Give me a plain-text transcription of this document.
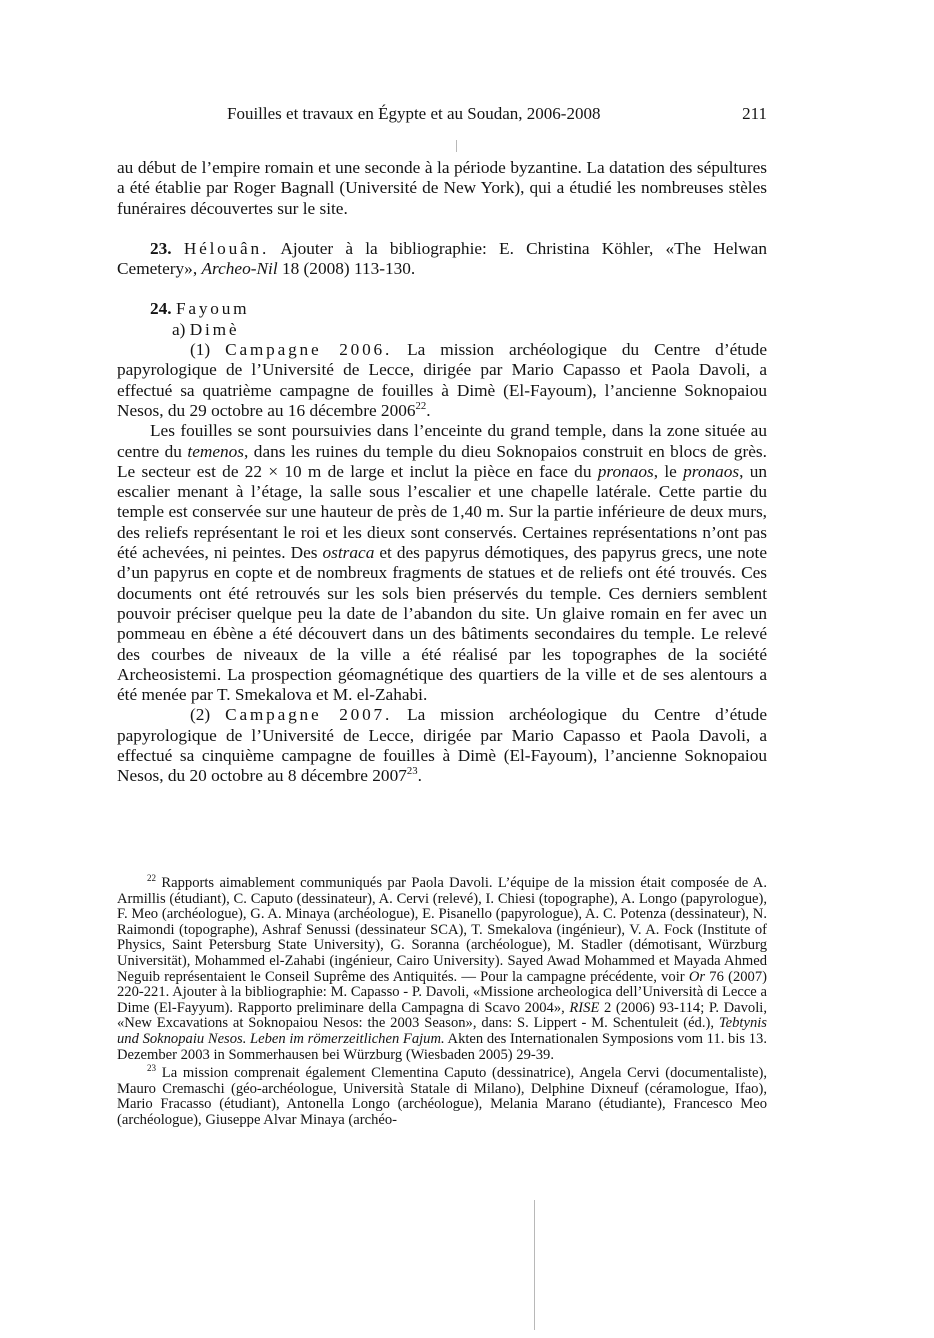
Fouilles et travaux en Égypte et au Soudan, 2006-2008	211

au début de l’empire romain et une seconde à la période byzantine. La datation des sépultures a été établie par Roger Bagnall (Université de New York), qui a étudié les nombreuses stèles funéraires découvertes sur le site.

23. Hélouân. Ajouter à la bibliographie: E. Christina Köhler, «The Helwan Cemetery», Archeo-Nil 18 (2008) 113-130.

24. Fayoum

a) Dimè

(1) Campagne 2006. La mission archéologique du Centre d’étude papyrologique de l’Université de Lecce, dirigée par Mario Capasso et Paola Davoli, a effectué sa quatrième campagne de fouilles à Dimè (El-Fayoum), l’ancienne Soknopaiou Nesos, du 29 octobre au 16 décembre 2006$^{22}$.

Les fouilles se sont poursuivies dans l’enceinte du grand temple, dans la zone située au centre du temenos, dans les ruines du temple du dieu Soknopaios construit en blocs de grès. Le secteur est de 22 × 10 m de large et inclut la pièce en face du pronaos, le pronaos, un escalier menant à l’étage, la salle sous l’escalier et une chapelle latérale. Cette partie du temple est conservée sur une hauteur de près de 1,40 m. Sur la partie inférieure de deux murs, des reliefs représentant le roi et les dieux sont conservés. Certaines représentations n’ont pas été achevées, ni peintes. Des ostraca et des papyrus démotiques, des papyrus grecs, une note d’un papyrus en copte et de nombreux fragments de statues et de reliefs ont été trouvés. Ces documents ont été retrouvés sur les sols bien préservés du temple. Ces derniers semblent pouvoir préciser quelque peu la date de l’abandon du site. Un glaive romain en fer avec un pommeau en ébène a été découvert dans un des bâtiments secondaires du temple. Le relevé des courbes de niveaux de la ville a été réalisé par les topographes de la société Archeosistemi. La prospection géomagnétique des quartiers de la ville et de ses alentours a été menée par T. Smekalova et M. el-Zahabi.

(2) Campagne 2007. La mission archéologique du Centre d’étude papyrologique de l’Université de Lecce, dirigée par Mario Capasso et Paola Davoli, a effectué sa cinquième campagne de fouilles à Dimè (El-Fayoum), l’ancienne Soknopaiou Nesos, du 20 octobre au 8 décembre 2007$^{23}$.

$^{22}$ Rapports aimablement communiqués par Paola Davoli. L’équipe de la mission était composée de A. Armillis (étudiant), C. Caputo (dessinateur), A. Cervi (relevé), I. Chiesi (topographe), A. Longo (papyrologue), F. Meo (archéologue), G. A. Minaya (archéologue), E. Pisanello (papyrologue), A. C. Potenza (dessinateur), N. Raimondi (topographe), Ashraf Senussi (dessinateur SCA), T. Smekalova (ingénieur), V. A. Fock (Institute of Physics, Saint Petersburg State University), G. Soranna (archéologue), M. Stadler (démotisant, Würzburg Universität), Mohammed el-Zahabi (ingénieur, Cairo University). Sayed Awad Mohammed et Mayada Ahmed Neguib représentaient le Conseil Suprême des Antiquités. — Pour la campagne précédente, voir Or 76 (2007) 220-221. Ajouter à la bibliographie: M. Capasso - P. Davoli, «Missione archeologica dell’Università di Lecce a Dime (El-Fayyum). Rapporto preliminare della Campagna di Scavo 2004», RISE 2 (2006) 93-114; P. Davoli, «New Excavations at Soknopaiou Nesos: the 2003 Season», dans: S. Lippert - M. Schentuleit (éd.), Tebtynis und Soknopaiu Nesos. Leben im römerzeitlichen Fajum. Akten des Internationalen Symposions vom 11. bis 13. Dezember 2003 in Sommerhausen bei Würzburg (Wiesbaden 2005) 29-39.

$^{23}$ La mission comprenait également Clementina Caputo (dessinatrice), Angela Cervi (documentaliste), Mauro Cremaschi (géo-archéologue, Università Statale di Milano), Delphine Dixneuf (céramologue, Ifao), Mario Fracasso (étudiant), Antonella Longo (archéologue), Melania Marano (étudiante), Francesco Meo (archéologue), Giuseppe Alvar Minaya (archéo-
